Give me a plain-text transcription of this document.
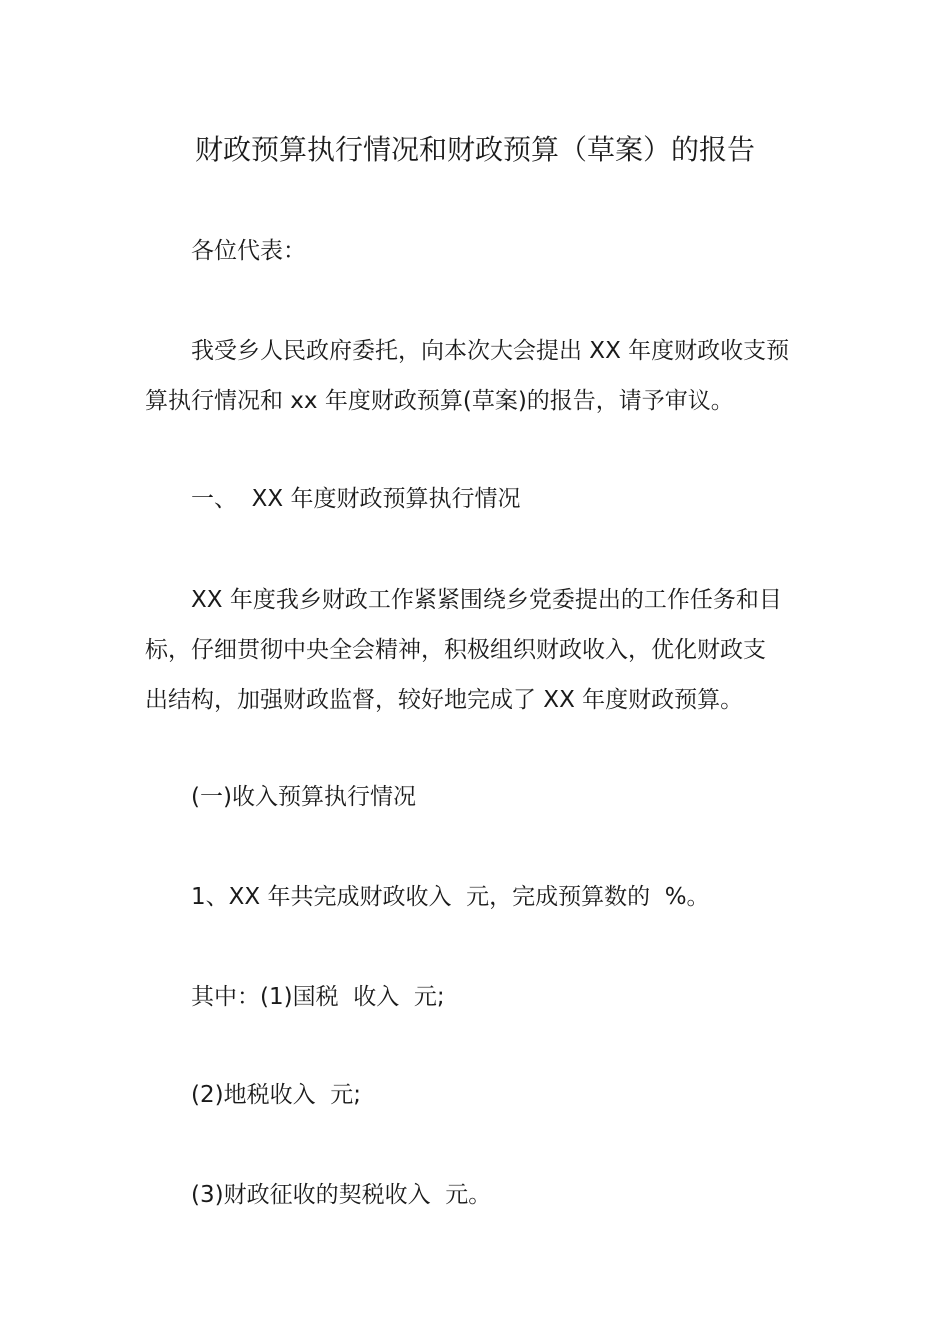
财政预算执行情况和财政预算（草案）的报告
各位代表：
我受乡人民政府委托，向本次大会提出 XX 年度财政收支预
算执行情况和 xx 年度财政预算(草案)的报告，请予审议。
一、  XX 年度财政预算执行情况
XX 年度我乡财政工作紧紧围绕乡党委提出的工作任务和目
标，仔细贯彻中央全会精神，积极组织财政收入，优化财政支
出结构，加强财政监督，较好地完成了 XX 年度财政预算。
(一)收入预算执行情况
1、XX 年共完成财政收入  元，完成预算数的  %。
其中：(1)国税  收入  元;
(2)地税收入  元;
(3)财政征收的契税收入  元。
